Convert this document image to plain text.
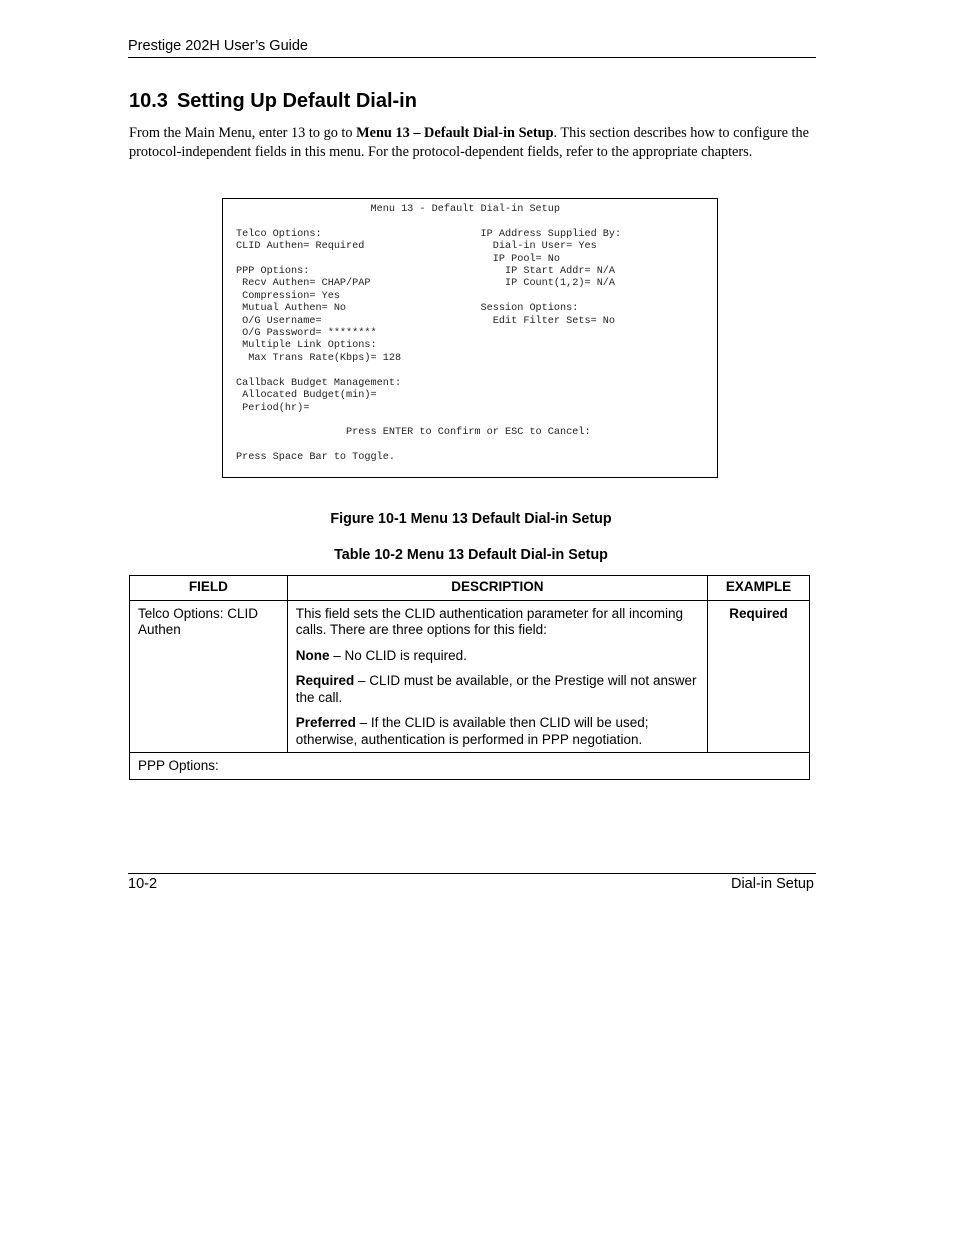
Prestige 202H User’s Guide
10.3 Setting Up Default Dial-in

From the Main Menu, enter 13 to go to Menu 13 – Default Dial-in Setup. This section describes how to configure the protocol-independent fields in this menu. For the protocol-dependent fields, refer to the appropriate chapters.

Menu 13 - Default Dial-in Setup

Telco Options:                          IP Address Supplied By:
CLID Authen= Required                     Dial-in User= Yes
IP Pool= No
PPP Options:                                IP Start Addr= N/A
Recv Authen= CHAP/PAP                      IP Count(1,2)= N/A
Compression= Yes
Mutual Authen= No                      Session Options:
O/G Username=                            Edit Filter Sets= No
O/G Password= ********
Multiple Link Options:
Max Trans Rate(Kbps)= 128

Callback Budget Management:
Allocated Budget(min)=
Period(hr)=

Press ENTER to Confirm or ESC to Cancel:

Press Space Bar to Toggle.

Figure 10-1 Menu 13 Default Dial-in Setup
Table 10-2 Menu 13 Default Dial-in Setup
FIELD	DESCRIPTION	EXAMPLE
Telco Options: CLID Authen	This field sets the CLID authentication parameter for all incoming calls. There are three options for this field:

None – No CLID is required.

Required – CLID must be available, or the Prestige will not answer the call.

Preferred – If the CLID is available then CLID will be used; otherwise, authentication is performed in PPP negotiation.	Required
PPP Options:		
10-2	Dial-in Setup
